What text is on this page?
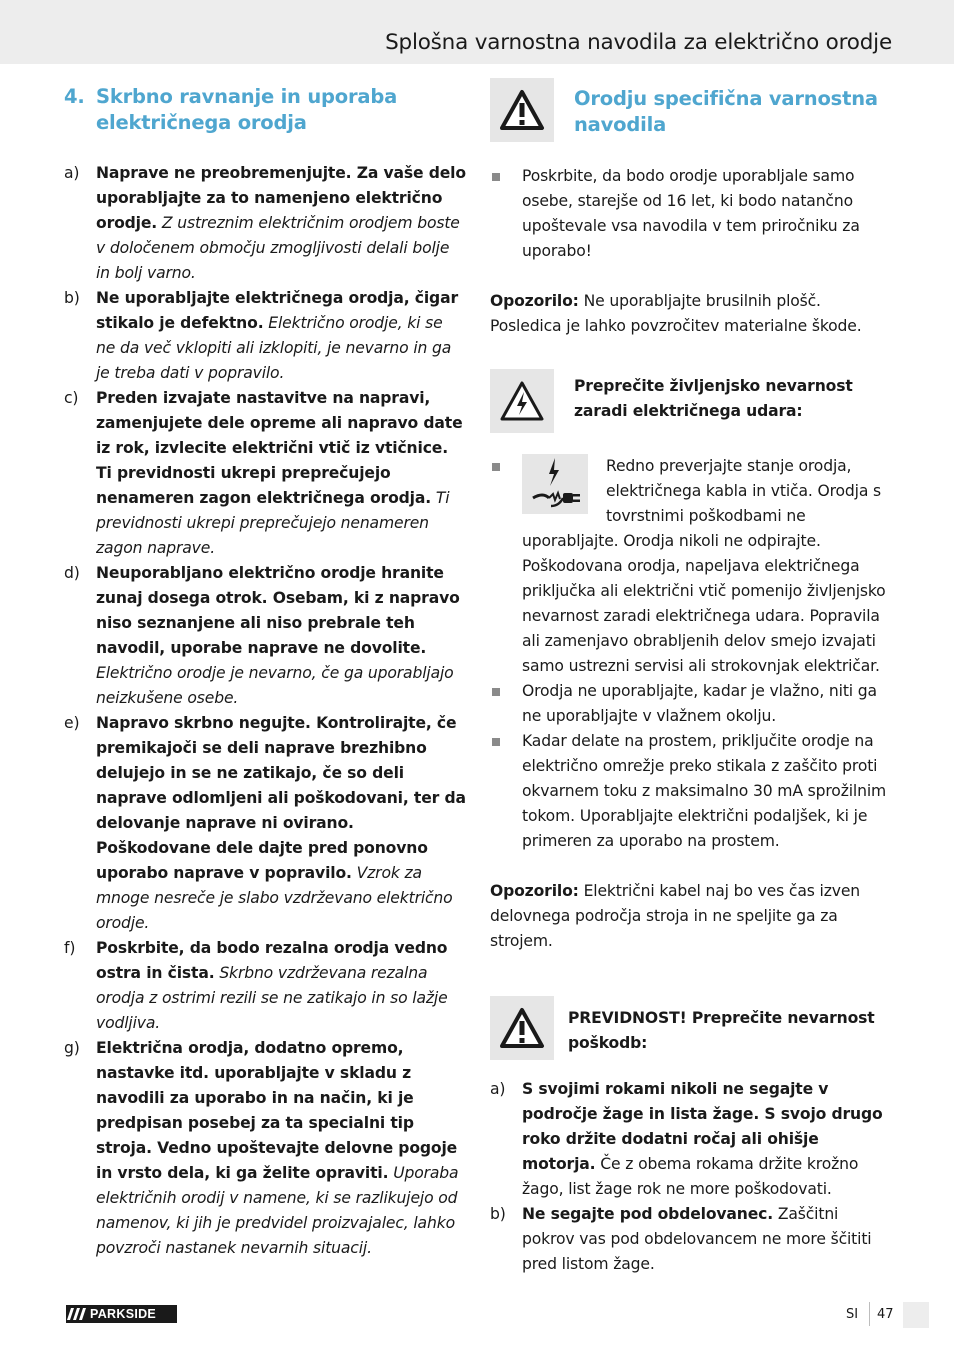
Splošna varnostna navodila za električno orodje
4. Skrbno ravnanje in uporaba električnega orodja
a)	Naprave ne preobremenjujte. Za vaše delo uporabljajte za to namenjeno električno orodje. Z ustreznim električnim orodjem boste v določenem območju zmogljivosti delali bolje in bolj varno.
b)	Ne uporabljajte električnega orodja, čigar stikalo je defektno. Električno orodje, ki se ne da več vklopiti ali izklopiti, je nevarno in ga je treba dati v popravilo.
c)	Preden izvajate nastavitve na napravi, zamenjujete dele opreme ali napravo date iz rok, izvlecite električni vtič iz vtičnice. Ti previdnosti ukrepi preprečujejo nenameren zagon električnega orodja. Ti previdnosti ukrepi preprečujejo nenameren zagon naprave.
d)	Neuporabljano električno orodje hranite zunaj dosega otrok. Osebam, ki z napravo niso seznanjene ali niso prebrale teh navodil, uporabe naprave ne dovolite. Električno orodje je nevarno, če ga uporabljajo neizkušene osebe.
e)	Napravo skrbno negujte. Kontrolirajte, če premikajoči se deli naprave brezhibno delujejo in se ne zatikajo, če so deli naprave odlomljeni ali poškodovani, ter da delovanje naprave ni ovirano. Poškodovane dele dajte pred ponovno uporabo naprave v popravilo. Vzrok za mnoge nesreče je slabo vzdrževano električno orodje.
f)	Poskrbite, da bodo rezalna orodja vedno ostra in čista. Skrbno vzdrževana rezalna orodja z ostrimi rezili se ne zatikajo in so lažje vodljiva.
g)	Električna orodja, dodatno opremo, nastavke itd. uporabljajte v skladu z navodili za uporabo in na način, ki je predpisan posebej za ta specialni tip stroja. Vedno upoštevajte delovne pogoje in vrsto dela, ki ga želite opraviti. Uporaba električnih orodij v namene, ki se razlikujejo od namenov, ki jih je predvidel proizvajalec, lahko povzroči nastanek nevarnih situacij.
Orodju specifična varnostna navodila
Poskrbite, da bodo orodje uporabljale samo osebe, starejše od 16 let, ki bodo natančno upoštevale vsa navodila v tem priročniku za uporabo!
Opozorilo: Ne uporabljajte brusilnih plošč. Posledica je lahko povzročitev materialne škode.
Preprečite življenjsko nevarnost zaradi električnega udara:
Redno preverjajte stanje orodja, električnega kabla in vtiča. Orodja s tovrstnimi poškodbami ne uporabljajte. Orodja nikoli ne odpirajte. Poškodovana orodja, napeljava električnega priključka ali električni vtič pomenijo življenjsko nevarnost zaradi električnega udara. Popravila ali zamenjavo obrabljenih delov smejo izvajati samo ustrezni servisi ali strokovnjak električar.
Orodja ne uporabljajte, kadar je vlažno, niti ga ne uporabljajte v vlažnem okolju.
Kadar delate na prostem, priključite orodje na električno omrežje preko stikala z zaščito proti okvarnem toku z maksimalno 30 mA sprožilnim tokom. Uporabljajte električni podaljšek, ki je primeren za uporabo na prostem.
Opozorilo: Električni kabel naj bo ves čas izven delovnega področja stroja in ne speljite ga za strojem.
PREVIDNOST! Preprečite nevarnost poškodb:
a)	S svojimi rokami nikoli ne segajte v področje žage in lista žage. S svojo drugo roko držite dodatni ročaj ali ohišje motorja. Če z obema rokama držite krožno žago, list žage rok ne more poškodovati.
b)	Ne segajte pod obdelovanec. Zaščitni pokrov vas pod obdelovancem ne more ščititi pred listom žage.
PARKSIDE	SI 47
